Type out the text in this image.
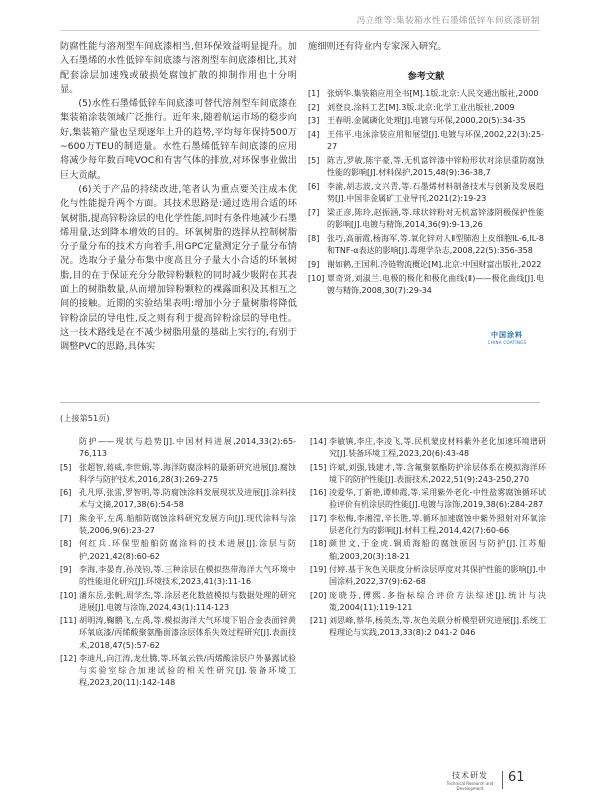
冯立维等:集装箱水性石墨烯低锌车间底漆研制

防腐性能与溶剂型车间底漆相当,但环保效益明显提升。加入石墨烯的水性低锌车间底漆与溶剂型车间底漆相比,其对配套涂层加速残或破损处腐蚀扩散的抑制作用也十分明显。

(5)水性石墨烯低锌车间底漆可替代溶剂型车间底漆在集装箱涂装领域广泛推行。近年来,随着航运市场的稳步向好,集装箱产量也呈现逐年上升的趋势,平均每年保持500万~600万TEU的制造量。水性石墨烯低锌车间底漆的应用将减少每年数百吨VOC和有害气体的排放,对环保事业做出巨大贡献。

(6)关于产品的持续改进,笔者认为重点要关注成本优化与性能提升两个方面。其技术思路是:通过选用合适的环氧树脂,提高锌粉涂层的电化学性能,同时有条件地减少石墨烯用量,达到降本增效的目的。环氧树脂的选择从控制树脂分子量分布的技术方向着手,用GPC定量测定分子量分布情况。选取分子量分布集中度高且分子量大小合适的环氧树脂,目的在于保证充分分散锌粉颗粒的同时减少吸附在其表面上的树脂数量,从而增加锌粉颗粒的裸露面积及其相互之间的接触。近期的实验结果表明:增加小分子量树脂将降低锌粉涂层的导电性,反之则有利于提高锌粉涂层的导电性。这一技术路线是在不减少树脂用量的基础上实行的,有别于调整PVC的思路,具体实

施细则还有待业内专家深入研究。

参考文献
[1] 张炳华.集装箱应用全书[M].1版.北京:人民交通出版社,2000
[2] 刘登良.涂料工艺[M].3版.北京:化学工业出版社,2009
[3] 王春明.金属磷化处理[J].电镀与环保,2000,20(5):34-35
[4] 王伟平.电泳涂装应用和展望[J].电镀与环保,2002,22(3):25-27
[5] 陈吉,罗敏,陈宇豪,等.无机富锌漆中锌粉形状对涂层重防腐蚀性能的影响[J].材料保护,2015,48(9):36-38,7
[6] 李渝,胡志波,文兴青,等.石墨烯材料制备技术与创新及发展趋势[J].中国非金属矿工业导刊,2021(2):19-23
[7] 梁正彦,陈玲,赵振涵,等.球状锌粉对无机富锌漆阴极保护性能的影响[J].电镀与精饰,2014,36(9):9-13,26
[8] 张巧,高丽霞,杨海军,等.氧化锌对人Ⅱ型肺泡上皮细胞IL-6,IL-8和TNF-α表达的影响[J].毒理学杂志,2008,22(5):356-358
[9] 谢如鹤,王国利.冷链物流概论[M].北京:中国财富出版社,2022
[10] 覃奇贤,刘淑兰.电极的极化和极化曲线(Ⅱ)——极化曲线[J].电镀与精饰,2008,30(7):29-34
中国涂料
CHINA COATINGS
(上接第51页)
防护——现状与趋势[J].中国材料进展,2014,33(2):65-76,113
[5] 张超智,蒋威,李世娟,等.海洋防腐涂料的最新研究进展[J].腐蚀科学与防护技术,2016,28(3):269-275
[6] 孔凡厚,张雷,罗智明,等.防腐蚀涂料发展现状及进展[J].涂料技术与文摘,2017,38(6):54-58
[7] 熊金平,左禹.船舶防腐蚀涂料研究发展方向[J].现代涂料与涂装,2006,9(6):23-27
[8] 何红兵.环保型船舶防腐涂料的技术进展[J].涂层与防护,2021,42(8):60-62
[9] 李海,李晏育,孙茂钧,等.三种涂层在模拟热带海洋大气环境中的性能退化研究[J].环境技术,2023,41(3):11-16
[10] 潘东岳,张帆,周学杰,等.涂层老化数值模拟与数据处理的研究进展[J].电镀与涂饰,2024,43(1):114-123
[11] 胡明涛,鞠鹏飞,左禹,等.模拟海洋大气环境下铝合金表面锌黄环氧底漆/丙烯酸聚氨酯面漆涂层体系失效过程研究[J].表面技术,2018,47(5):57-62
[12] 李迪凡,向江涛,龙仕腾,等.环氧云铁/丙烯酸涂层户外暴露试验与实验室综合加速试验的相关性研究[J].装备环境工程,2023,20(11):142-148
[14] 李敏镇,李庄,李凌飞,等.民机蒙皮材料紫外老化加速环境谱研究[J].装备环境工程,2023,20(6):43-48
[15] 许斌,刘强,钱建才,等.含氟聚氨酯防护涂层体系在模拟海洋环境下的防护性能[J].表面技术,2022,51(9):243-250,270
[16] 凌爱华,丁新艳,谭帅霞,等.采用紫外老化-中性盐雾腐蚀循环试验评价有机涂层的性能[J].电镀与涂饰,2019,38(6):284-287
[17] 李松梅,李湘滢,辛长胜,等.循环加速腐蚀中紫外照射对环氧涂层老化行为的影响[J].材料工程,2014,42(7):60-66
[18] 颜世文,于金虎.铜质海船的腐蚀原因与防护[J].江苏船舶,2003,20(3):18-21
[19] 付婷.基于灰色关联度分析涂层厚度对其保护性能的影响[J].中国涂料,2022,37(9):62-68
[20] 庞晓芬,傅熙.多指标综合评价方法综述[J].统计与决策,2004(11):119-121
[21] 刘思峰,蔡华,杨英杰,等.灰色关联分析模型研究进展[J].系统工程理论与实践,2013,33(8):2 041-2 046
技术研发
Technical Research and Development
61
